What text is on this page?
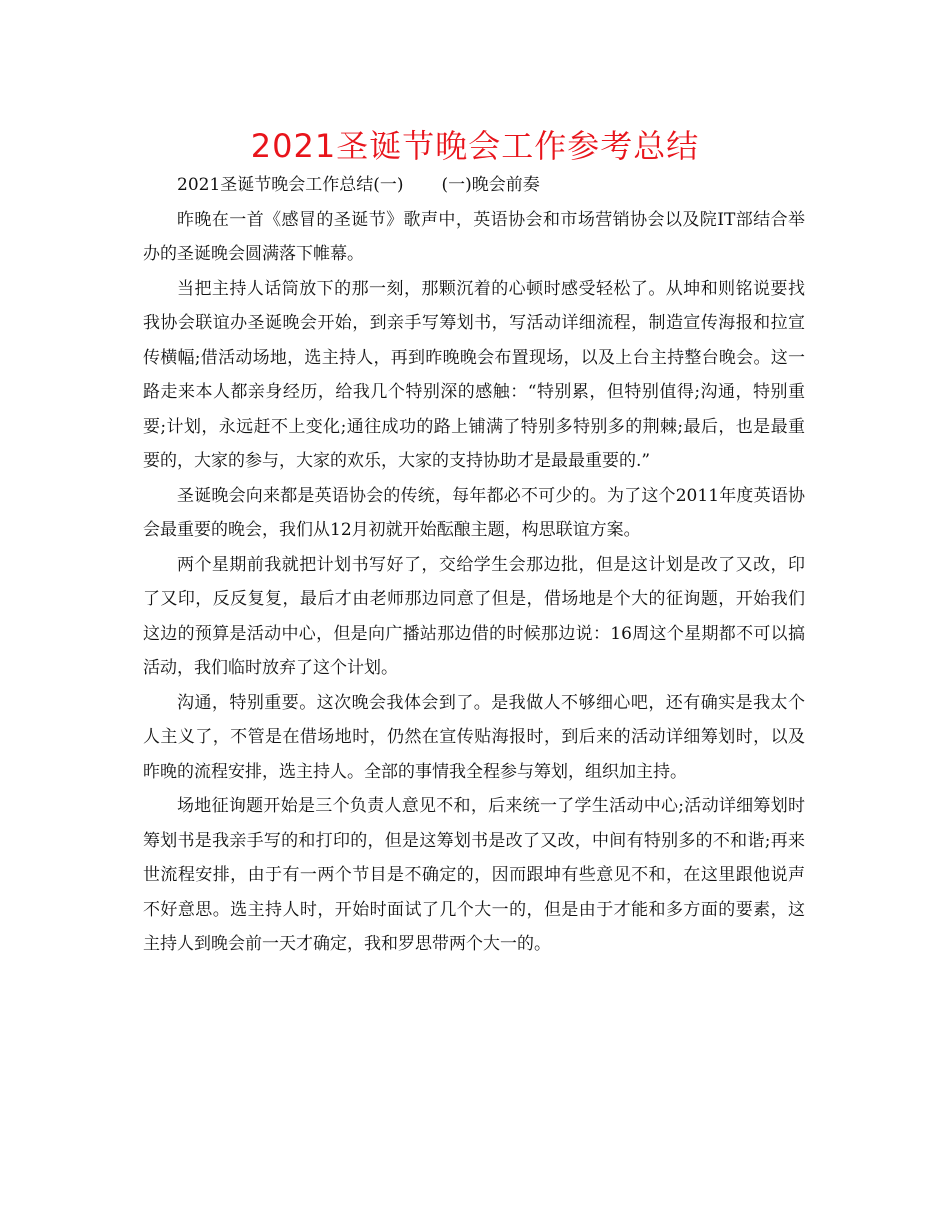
2021圣诞节晚会工作参考总结

2021圣诞节晚会工作总结(一) (一)晚会前奏

昨晚在一首《感冒的圣诞节》歌声中，英语协会和市场营销协会以及院IT部结合举办的圣诞晚会圆满落下帷幕。

当把主持人话筒放下的那一刻，那颗沉着的心顿时感受轻松了。从坤和则铭说要找我协会联谊办圣诞晚会开始，到亲手写筹划书，写活动详细流程，制造宣传海报和拉宣传横幅;借活动场地，选主持人，再到昨晚晚会布置现场，以及上台主持整台晚会。这一路走来本人都亲身经历，给我几个特别深的感触：“特别累，但特别值得;沟通，特别重要;计划，永远赶不上变化;通往成功的路上铺满了特别多特别多的荆棘;最后，也是最重要的，大家的参与，大家的欢乐，大家的支持协助才是最最重要的.”

圣诞晚会向来都是英语协会的传统，每年都必不可少的。为了这个2011年度英语协会最重要的晚会，我们从12月初就开始酝酿主题，构思联谊方案。

两个星期前我就把计划书写好了，交给学生会那边批，但是这计划是改了又改，印了又印，反反复复，最后才由老师那边同意了但是，借场地是个大的征询题，开始我们这边的预算是活动中心，但是向广播站那边借的时候那边说：16周这个星期都不可以搞活动，我们临时放弃了这个计划。

沟通，特别重要。这次晚会我体会到了。是我做人不够细心吧，还有确实是我太个人主义了，不管是在借场地时，仍然在宣传贴海报时，到后来的活动详细筹划时，以及昨晚的流程安排，选主持人。全部的事情我全程参与筹划，组织加主持。

场地征询题开始是三个负责人意见不和，后来统一了学生活动中心;活动详细筹划时筹划书是我亲手写的和打印的，但是这筹划书是改了又改，中间有特别多的不和谐;再来世流程安排，由于有一两个节目是不确定的，因而跟坤有些意见不和，在这里跟他说声不好意思。选主持人时，开始时面试了几个大一的，但是由于才能和多方面的要素，这主持人到晚会前一天才确定，我和罗思带两个大一的。
